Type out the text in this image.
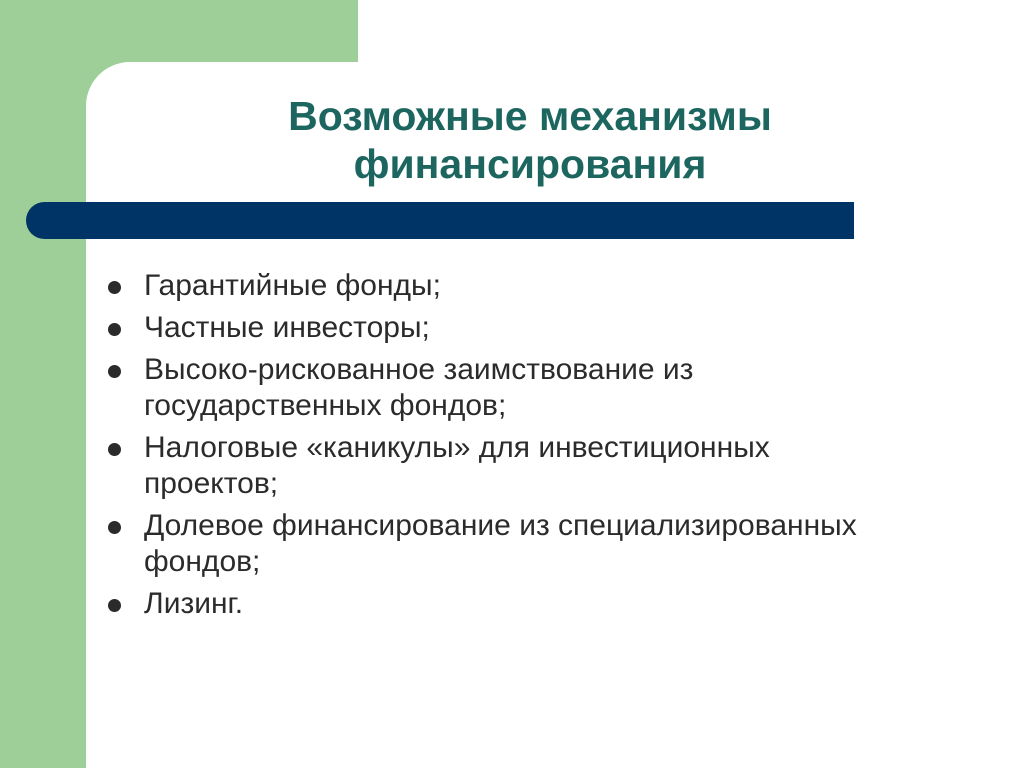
Возможные механизмы
финансирования
Гарантийные фонды;
Частные инвесторы;
Высоко-рискованное заимствование из государственных фондов;
Налоговые «каникулы» для инвестиционных проектов;
Долевое финансирование из специализированных фондов;
Лизинг.
